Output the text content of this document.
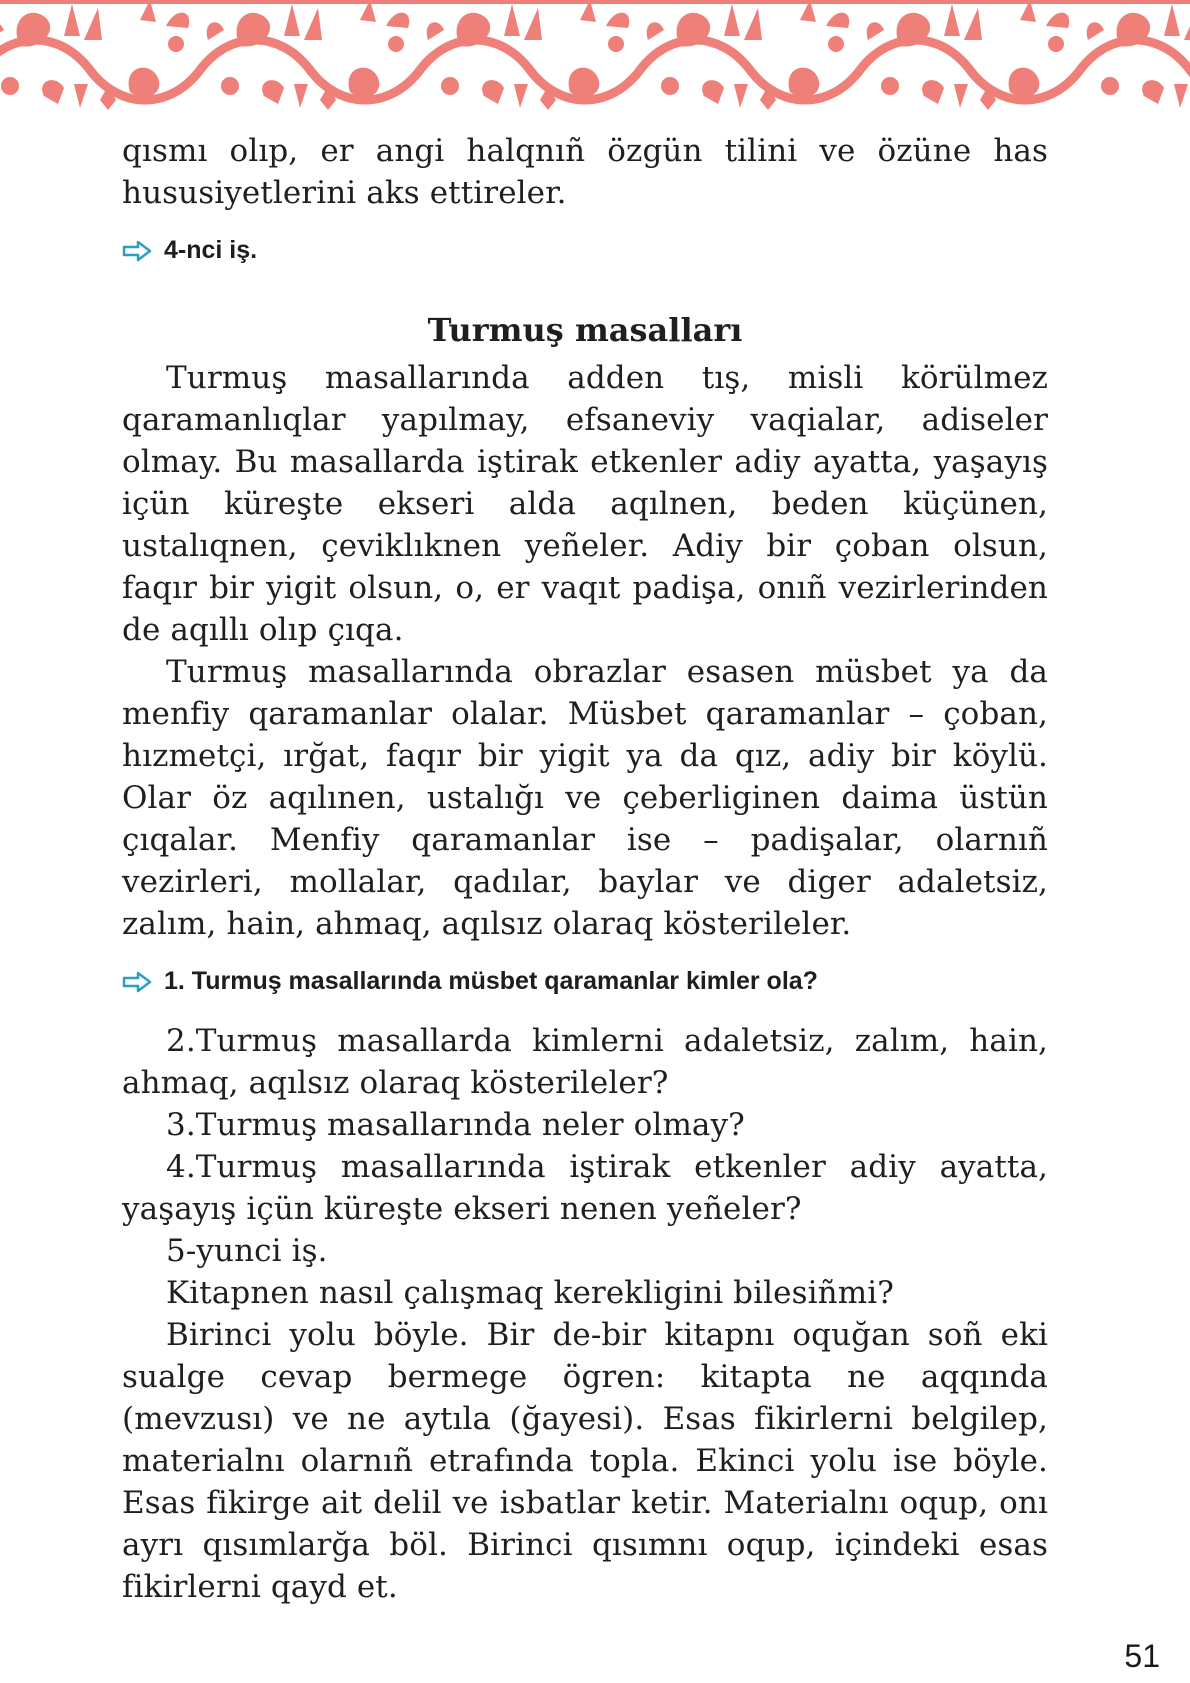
qısmı olıp, er angi halqnıñ özgün tilini ve özüne has hususiyetlerini aks ettireler.

4-nci iş.
Turmuş masalları

Turmuş masallarında adden tış, misli körülmez qaramanlıqlar yapılmay, efsaneviy vaqialar, adiseler olmay. Bu masallarda iştirak etkenler adiy ayatta, yaşayış içün küreşte ekseri alda aqılnen, beden küçünen, ustalıqnen, çeviklıknen yeñeler. Adiy bir çoban olsun, faqır bir yigit olsun, o, er vaqıt padişa, onıñ vezirlerinden de aqıllı olıp çıqa.

Turmuş masallarında obrazlar esasen müsbet ya da menfiy qaramanlar olalar. Müsbet qaramanlar – çoban, hızmetçi, ırğat, faqır bir yigit ya da qız, adiy bir köylü. Olar öz aqılınen, ustalığı ve çeberliginen daima üstün çıqalar. Menfiy qaramanlar ise – padişalar, olarnıñ vezirleri, mollalar, qadılar, baylar ve diger adaletsiz, zalım, hain, ahmaq, aqılsız olaraq kösterileler.

1. Turmuş masallarında müsbet qaramanlar kimler ola?

2.Turmuş masallarda kimlerni adaletsiz, zalım, hain, ahmaq, aqılsız olaraq kösterileler?

3.Turmuş masallarında neler olmay?

4.Turmuş masallarında iştirak etkenler adiy ayatta, yaşayış içün küreşte ekseri nenen yeñeler?

5-yunci iş.

Kitapnen nasıl çalışmaq kerekligini bilesiñmi?

Birinci yolu böyle. Bir de-bir kitapnı oquğan soñ eki sualge cevap bermege ögren: kitapta ne aqqında (mevzusı) ve ne aytıla (ğayesi). Esas fikirlerni belgilep, materialnı olarnıñ etrafında topla. Ekinci yolu ise böyle. Esas fikirge ait delil ve isbatlar ketir. Materialnı oqup, onı ayrı qısımlarğa böl. Birinci qısımnı oqup, içindeki esas fikirlerni qayd et.

51
